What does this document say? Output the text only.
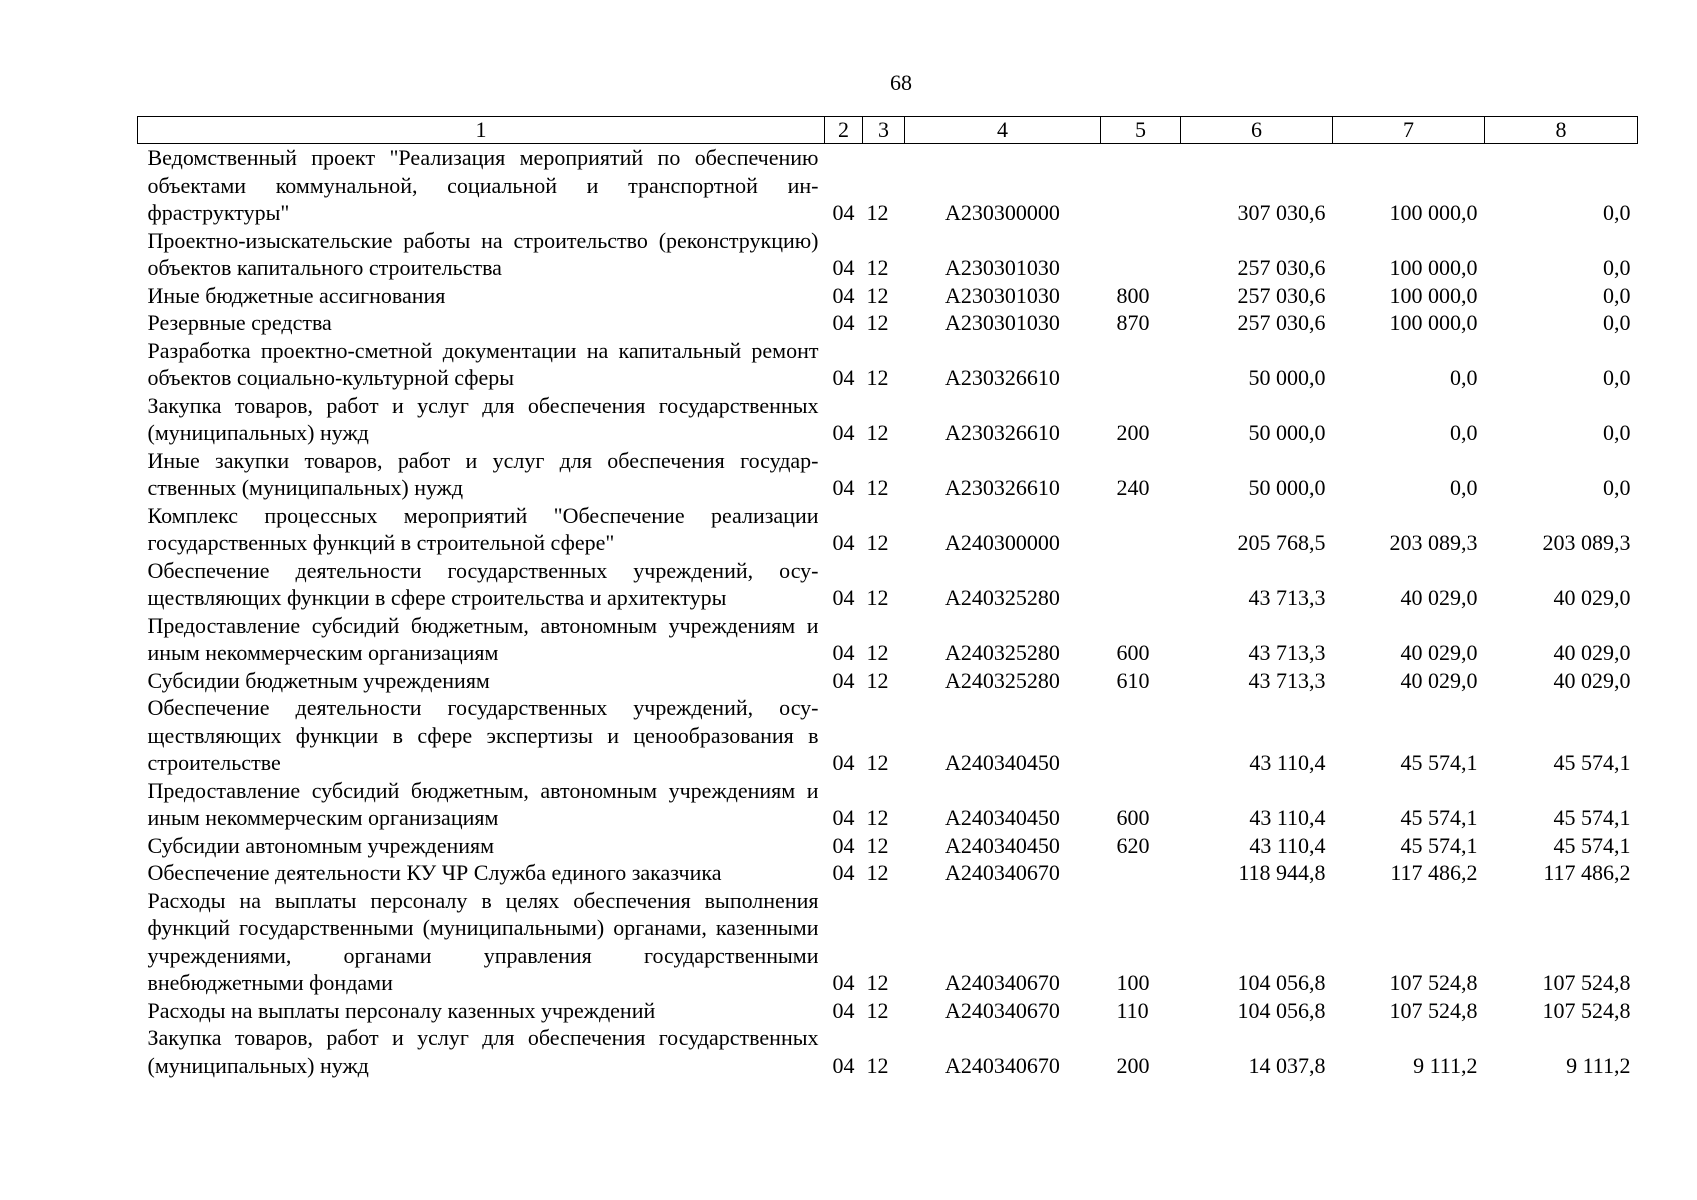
68
1	2	3	4	5	6	7	8
Ведомственный проект "Реализация мероприятий по обеспечению объектами коммунальной, социальной и транспортной инфраструктуры"	04	12	А230300000		307 030,6	100 000,0	0,0
Проектно-изыскательские работы на строительство (реконструкцию) объектов капитального строительства	04	12	А230301030		257 030,6	100 000,0	0,0
Иные бюджетные ассигнования	04	12	А230301030	800	257 030,6	100 000,0	0,0
Резервные средства	04	12	А230301030	870	257 030,6	100 000,0	0,0
Разработка проектно-сметной документации на капитальный ремонт объектов социально-культурной сферы	04	12	А230326610		50 000,0	0,0	0,0
Закупка товаров, работ и услуг для обеспечения государственных (муниципальных) нужд	04	12	А230326610	200	50 000,0	0,0	0,0
Иные закупки товаров, работ и услуг для обеспечения государственных (муниципальных) нужд	04	12	А230326610	240	50 000,0	0,0	0,0
Комплекс процессных мероприятий "Обеспечение реализации государственных функций в строительной сфере"	04	12	А240300000		205 768,5	203 089,3	203 089,3
Обеспечение деятельности государственных учреждений, осуществляющих функции в сфере строительства и архитектуры	04	12	А240325280		43 713,3	40 029,0	40 029,0
Предоставление субсидий бюджетным, автономным учреждениям и иным некоммерческим организациям	04	12	А240325280	600	43 713,3	40 029,0	40 029,0
Субсидии бюджетным учреждениям	04	12	А240325280	610	43 713,3	40 029,0	40 029,0
Обеспечение деятельности государственных учреждений, осуществляющих функции в сфере экспертизы и ценообразования в строительстве	04	12	А240340450		43 110,4	45 574,1	45 574,1
Предоставление субсидий бюджетным, автономным учреждениям и иным некоммерческим организациям	04	12	А240340450	600	43 110,4	45 574,1	45 574,1
Субсидии автономным учреждениям	04	12	А240340450	620	43 110,4	45 574,1	45 574,1
Обеспечение деятельности КУ ЧР Служба единого заказчика	04	12	А240340670		118 944,8	117 486,2	117 486,2
Расходы на выплаты персоналу в целях обеспечения выполнения функций государственными (муниципальными) органами, казенными учреждениями, органами управления государственными внебюджетными фондами	04	12	А240340670	100	104 056,8	107 524,8	107 524,8
Расходы на выплаты персоналу казенных учреждений	04	12	А240340670	110	104 056,8	107 524,8	107 524,8
Закупка товаров, работ и услуг для обеспечения государственных (муниципальных) нужд	04	12	А240340670	200	14 037,8	9 111,2	9 111,2
